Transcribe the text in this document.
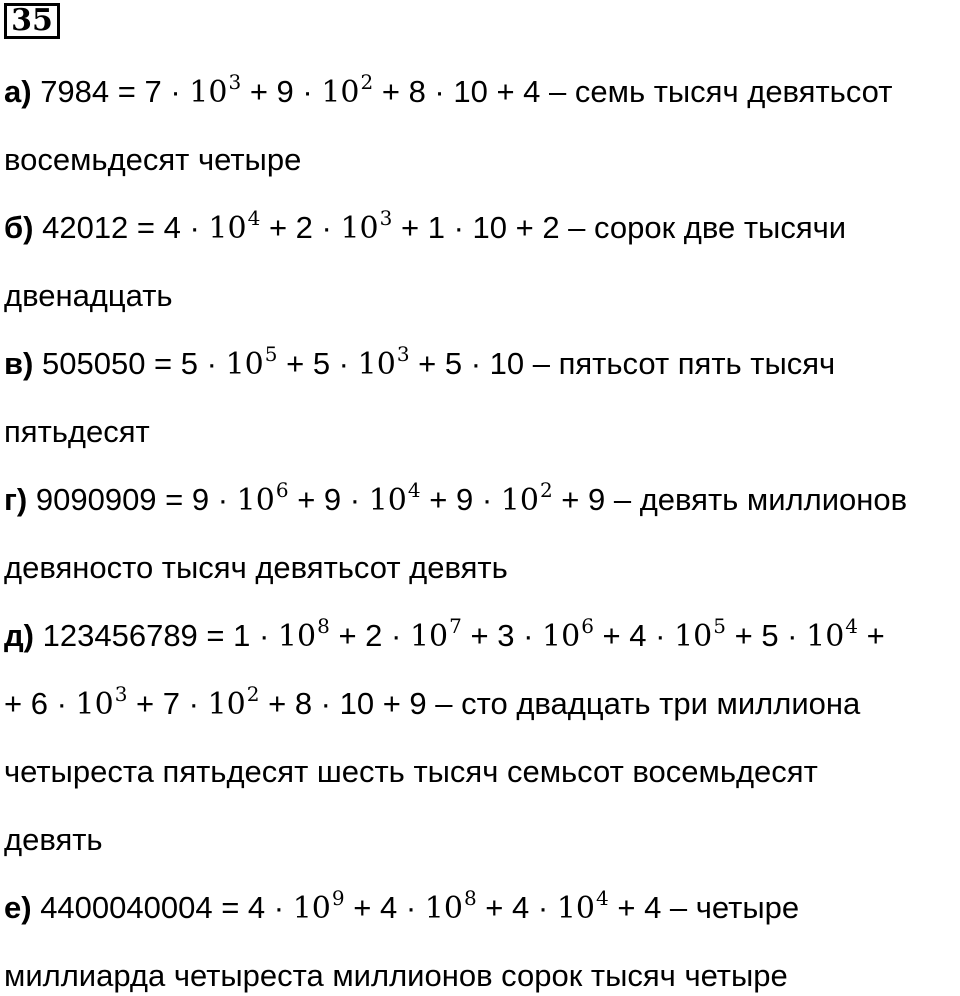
35
а) $7984 = 7 \cdot 10^3 + 9 \cdot 10^2 + 8 \cdot 10 + 4$ – семь тысяч девятьсот
восемьдесят четыре
б) $42012 = 4 \cdot 10^4 + 2 \cdot 10^3 + 1 \cdot 10 + 2$ – сорок две тысячи
двенадцать
в) $505050 = 5 \cdot 10^5 + 5 \cdot 10^3 + 5 \cdot 10$ – пятьсот пять тысяч
пятьдесят
г) $9090909 = 9 \cdot 10^6 + 9 \cdot 10^4 + 9 \cdot 10^2 + 9$ – девять миллионов
девяносто тысяч девятьсот девять
д) $123456789 = 1 \cdot 10^8 + 2 \cdot 10^7 + 3 \cdot 10^6 + 4 \cdot 10^5 + 5 \cdot 10^4$ +
+ $6 \cdot 10^3 + 7 \cdot 10^2 + 8 \cdot 10 + 9$ – сто двадцать три миллиона
четыреста пятьдесят шесть тысяч семьсот восемьдесят
девять
е) $4400040004 = 4 \cdot 10^9 + 4 \cdot 10^8 + 4 \cdot 10^4 + 4$ – четыре
миллиарда четыреста миллионов сорок тысяч четыре
